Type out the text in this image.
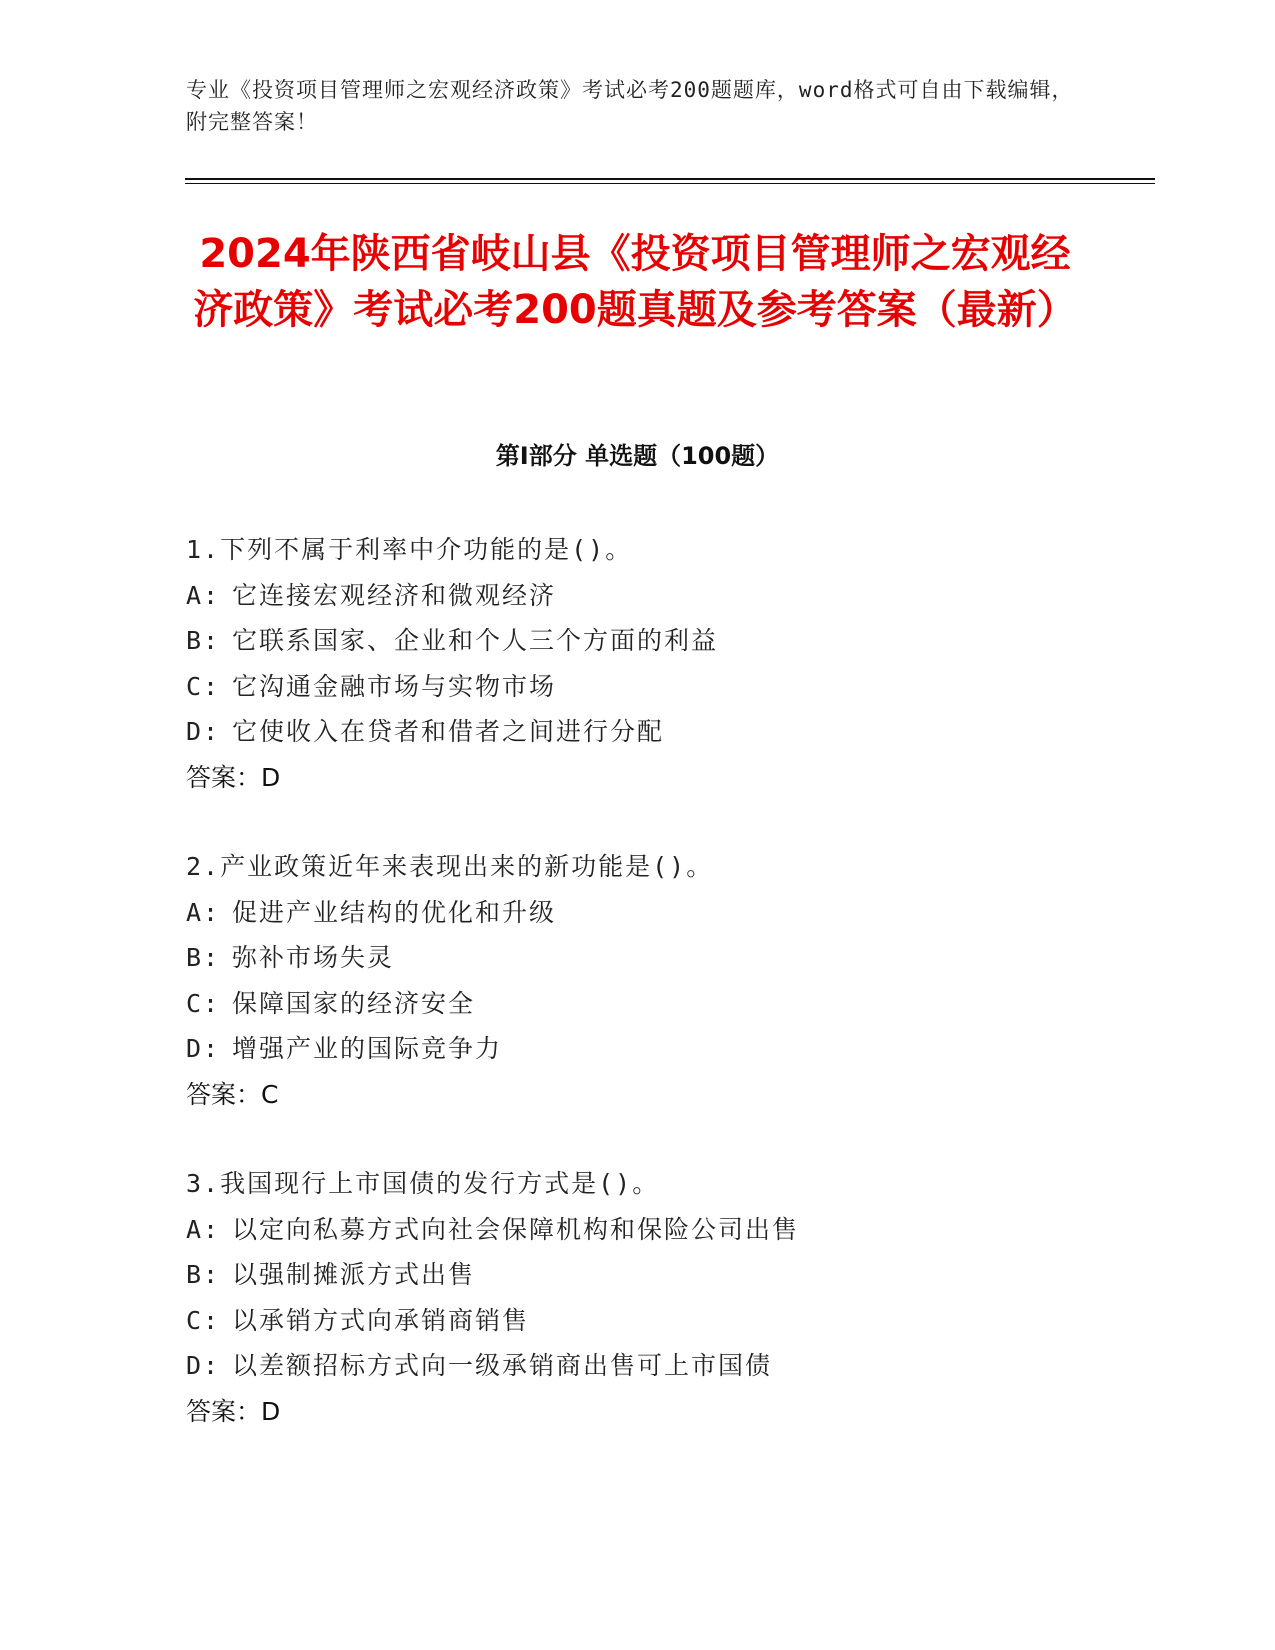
专业《投资项目管理师之宏观经济政策》考试必考200题题库，word格式可自由下载编辑，附完整答案！
2024年陕西省岐山县《投资项目管理师之宏观经济政策》考试必考200题真题及参考答案（最新）
第I部分 单选题（100题）
1.下列不属于利率中介功能的是()。
A: 它连接宏观经济和微观经济
B: 它联系国家、企业和个人三个方面的利益
C: 它沟通金融市场与实物市场
D: 它使收入在贷者和借者之间进行分配
答案：D
2.产业政策近年来表现出来的新功能是()。
A: 促进产业结构的优化和升级
B: 弥补市场失灵
C: 保障国家的经济安全
D: 增强产业的国际竞争力
答案：C
3.我国现行上市国债的发行方式是()。
A: 以定向私募方式向社会保障机构和保险公司出售
B: 以强制摊派方式出售
C: 以承销方式向承销商销售
D: 以差额招标方式向一级承销商出售可上市国债
答案：D
